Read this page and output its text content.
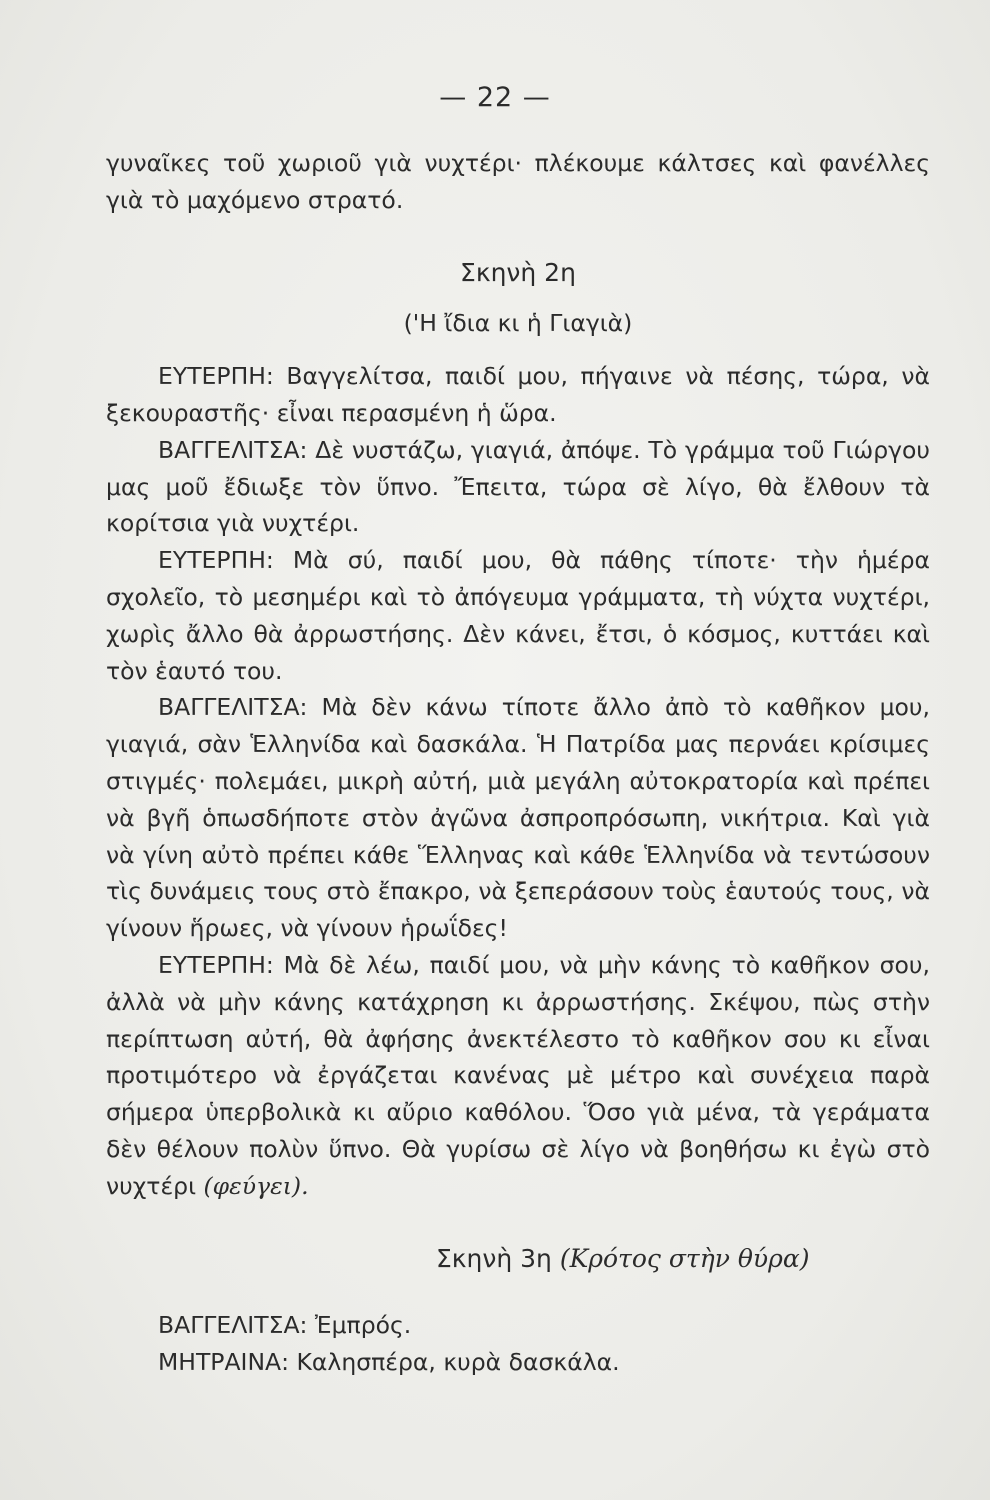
— 22 —

γυναῖκες τοῦ χωριοῦ γιὰ νυχτέρι· πλέκουμε κάλτσες καὶ φανέλλες γιὰ τὸ μαχόμενο στρατό.

Σκηνὴ 2η

('Η ἴδια κι ἡ Γιαγιὰ)

ΕΥΤΕΡΠΗ: Βαγγελίτσα, παιδί μου, πήγαινε νὰ πέσης, τώρα, νὰ ξεκουραστῆς· εἶναι περασμένη ἡ ὥρα.

ΒΑΓΓΕΛΙΤΣΑ: Δὲ νυστάζω, γιαγιά, ἀπόψε. Τὸ γράμμα τοῦ Γιώργου μας μοῦ ἔδιωξε τὸν ὕπνο. Ἔπειτα, τώρα σὲ λίγο, θὰ ἔλθουν τὰ κορίτσια γιὰ νυχτέρι.

ΕΥΤΕΡΠΗ: Μὰ σύ, παιδί μου, θὰ πάθης τίποτε· τὴν ἡμέρα σχολεῖο, τὸ μεσημέρι καὶ τὸ ἀπόγευμα γράμματα, τὴ νύχτα νυχτέρι, χωρὶς ἄλλο θὰ ἀρρωστήσης. Δὲν κάνει, ἔτσι, ὁ κόσμος, κυττάει καὶ τὸν ἑαυτό του.

ΒΑΓΓΕΛΙΤΣΑ: Μὰ δὲν κάνω τίποτε ἄλλο ἀπὸ τὸ καθῆκον μου, γιαγιά, σὰν Ἑλληνίδα καὶ δασκάλα. Ἡ Πατρίδα μας περνάει κρίσιμες στιγμές· πολεμάει, μικρὴ αὐτή, μιὰ μεγάλη αὐτοκρατορία καὶ πρέπει νὰ βγῆ ὁπωσδήποτε στὸν ἀγῶνα ἀσπροπρόσωπη, νικήτρια. Καὶ γιὰ νὰ γίνη αὐτὸ πρέπει κάθε Ἕλληνας καὶ κάθε Ἑλληνίδα νὰ τεντώσουν τὶς δυνάμεις τους στὸ ἔπακρο, νὰ ξεπεράσουν τοὺς ἑαυτούς τους, νὰ γίνουν ἥρωες, νὰ γίνουν ἡρωΐδες!

ΕΥΤΕΡΠΗ: Μὰ δὲ λέω, παιδί μου, νὰ μὴν κάνης τὸ καθῆκον σου, ἀλλὰ νὰ μὴν κάνης κατάχρηση κι ἀρρωστήσης. Σκέψου, πὼς στὴν περίπτωση αὐτή, θὰ ἀφήσης ἀνεκτέλεστο τὸ καθῆκον σου κι εἶναι προτιμότερο νὰ ἐργάζεται κανένας μὲ μέτρο καὶ συνέχεια παρὰ σήμερα ὑπερβολικὰ κι αὔριο καθόλου. Ὅσο γιὰ μένα, τὰ γεράματα δὲν θέλουν πολὺν ὕπνο. Θὰ γυρίσω σὲ λίγο νὰ βοηθήσω κι ἐγὼ στὸ νυχτέρι (φεύγει).

Σκηνὴ 3η (Κρότος στὴν θύρα)

ΒΑΓΓΕΛΙΤΣΑ: Ἐμπρός.

ΜΗΤΡΑΙΝΑ: Καλησπέρα, κυρὰ δασκάλα.
